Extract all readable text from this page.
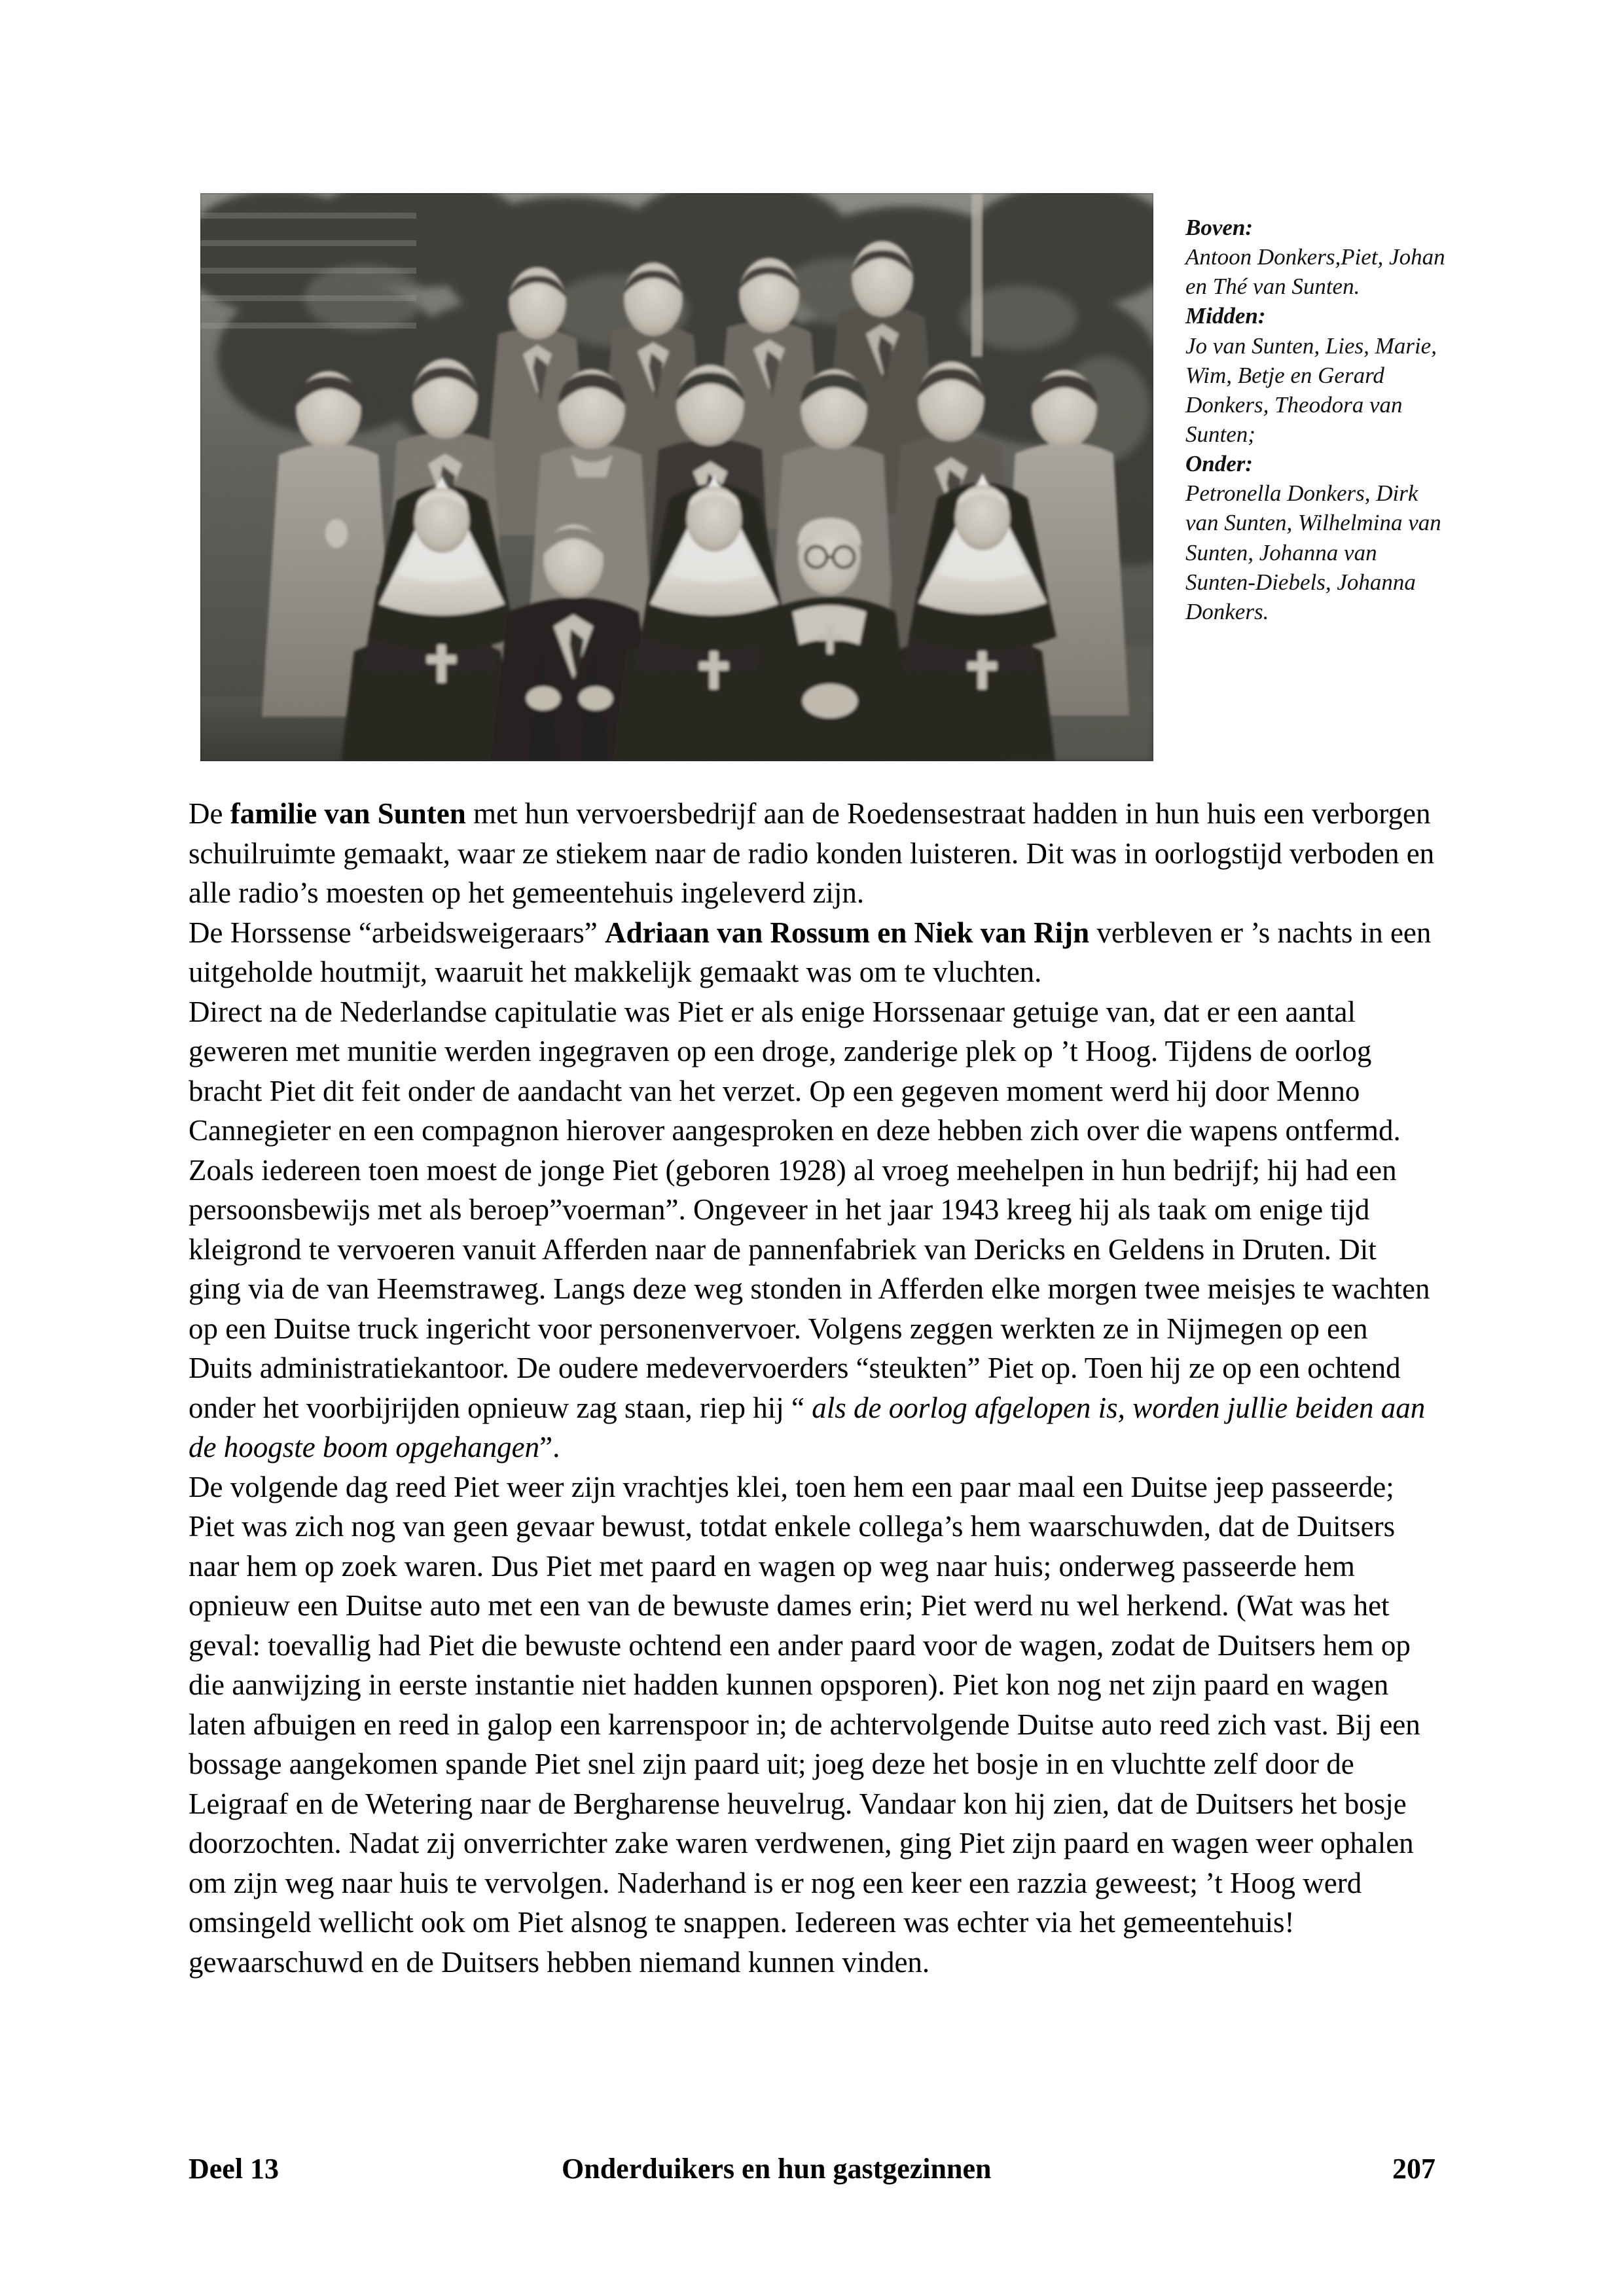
Boven:

Antoon Donkers,Piet, Johan en Thé van Sunten.

Midden:

Jo van Sunten, Lies, Marie, Wim, Betje en Gerard Donkers, Theodora van Sunten;

Onder:

Petronella Donkers, Dirk van Sunten, Wilhelmina van Sunten, Johanna van Sunten-Diebels, Johanna Donkers.

De familie van Sunten met hun vervoersbedrijf aan de Roedensestraat hadden in hun huis een verborgen schuilruimte gemaakt, waar ze stiekem naar de radio konden luisteren. Dit was in oorlogstijd verboden en alle radio’s moesten op het gemeentehuis ingeleverd zijn.

De Horssense “arbeidsweigeraars” Adriaan van Rossum en Niek van Rijn verbleven er ’s nachts in een uitgeholde houtmijt, waaruit het makkelijk gemaakt was om te vluchten.

Direct na de Nederlandse capitulatie was Piet er als enige Horssenaar getuige van, dat er een aantal geweren met munitie werden ingegraven op een droge, zanderige plek op ’t Hoog. Tijdens de oorlog bracht Piet dit feit onder de aandacht van het verzet. Op een gegeven moment werd hij door Menno Cannegieter en een compagnon hierover aangesproken en deze hebben zich over die wapens ontfermd.

Zoals iedereen toen moest de jonge Piet (geboren 1928) al vroeg meehelpen in hun bedrijf; hij had een persoonsbewijs met als beroep”voerman”. Ongeveer in het jaar 1943 kreeg hij als taak om enige tijd kleigrond te vervoeren vanuit Afferden naar de pannenfabriek van Dericks en Geldens in Druten. Dit ging via de van Heemstraweg. Langs deze weg stonden in Afferden elke morgen twee meisjes te wachten op een Duitse truck ingericht voor personenvervoer. Volgens zeggen werkten ze in Nijmegen op een Duits administratiekantoor. De oudere medevervoerders “steukten” Piet op. Toen hij ze op een ochtend onder het voorbijrijden opnieuw zag staan, riep hij “ als de oorlog afgelopen is, worden jullie beiden aan de hoogste boom opgehangen”.

De volgende dag reed Piet weer zijn vrachtjes klei, toen hem een paar maal een Duitse jeep passeerde; Piet was zich nog van geen gevaar bewust, totdat enkele collega’s hem waarschuwden, dat de Duitsers naar hem op zoek waren. Dus Piet met paard en wagen op weg naar huis; onderweg passeerde hem opnieuw een Duitse auto met een van de bewuste dames erin; Piet werd nu wel herkend. (Wat was het geval: toevallig had Piet die bewuste ochtend een ander paard voor de wagen, zodat de Duitsers hem op die aanwijzing in eerste instantie niet hadden kunnen opsporen). Piet kon nog net zijn paard en wagen laten afbuigen en reed in galop een karrenspoor in; de achtervolgende Duitse auto reed zich vast. Bij een bossage aangekomen spande Piet snel zijn paard uit; joeg deze het bosje in en vluchtte zelf door de Leigraaf en de Wetering naar de Bergharense heuvelrug. Vandaar kon hij zien, dat de Duitsers het bosje doorzochten. Nadat zij onverrichter zake waren verdwenen, ging Piet zijn paard en wagen weer ophalen om zijn weg naar huis te vervolgen. Naderhand is er nog een keer een razzia geweest; ’t Hoog werd omsingeld wellicht ook om Piet alsnog te snappen. Iedereen was echter via het gemeentehuis! gewaarschuwd en de Duitsers hebben niemand kunnen vinden.

Deel 13	Onderduikers en hun gastgezinnen	207
